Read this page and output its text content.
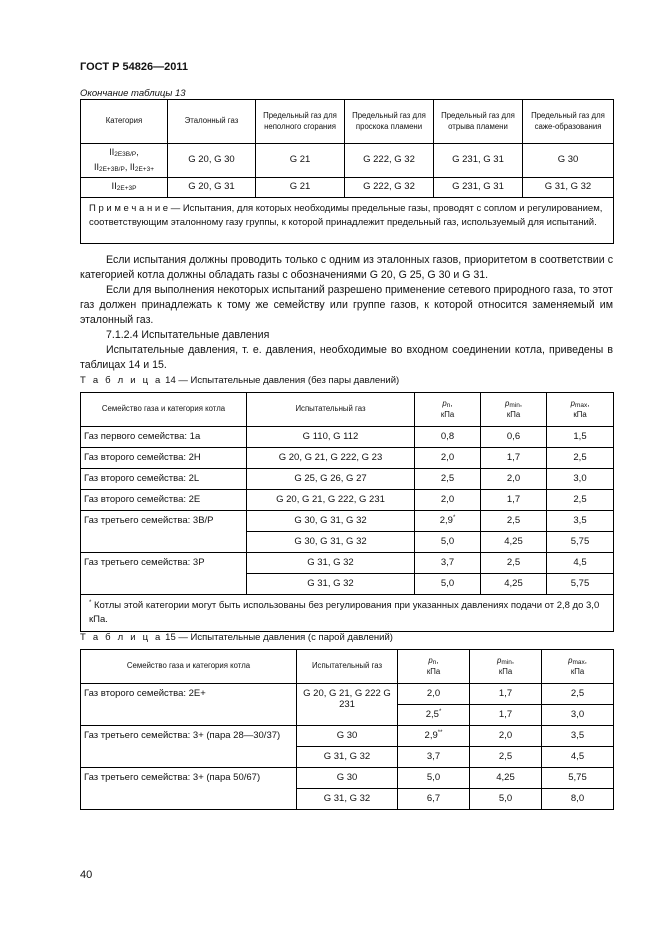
ГОСТ Р 54826—2011
Окончание таблицы 13
Категория	Эталонный газ	Предельный газ для неполного сгорания	Предельный газ для проскока пламени	Предельный газ для отрыва пламени	Предельный газ для саже-образования
$II_{2E3B/P}$,
$II_{2E+3B/P}$, $II_{2E+3+}$	G 20, G 30	G 21	G 222, G 32	G 231, G 31	G 30
$II_{2E+3P}$	G 20, G 31	G 21	G 222, G 32	G 231, G 31	G 31, G 32
П р и м е ч а н и е — Испытания, для которых необходимы предельные газы, проводят с соплом и регулированием, соответствующим эталонному газу группы, к которой принадлежит предельный газ, используемый для испытаний.					

Если испытания должны проводить только с одним из эталонных газов, приоритетом в соответствии с категорией котла должны обладать газы с обозначениями G 20, G 25, G 30 и G 31.

Если для выполнения некоторых испытаний разрешено применение сетевого природного газа, то этот газ должен принадлежать к тому же семейству или группе газов, к которой относится заменяемый им эталонный газ.

7.1.2.4 Испытательные давления

Испытательные давления, т. е. давления, необходимые во входном соединении котла, приведены в таблицах 14 и 15.

Т а б л и ц а 14 — Испытательные давления (без пары давлений)
Семейство газа и категория котла	Испытательный газ	$p_n$,
кПа	$p_{min}$,
кПа	$p_{max}$,
кПа
Газ первого семейства: 1a	G 110, G 112	0,8	0,6	1,5
Газ второго семейства: 2H	G 20, G 21, G 222, G 23	2,0	1,7	2,5
Газ второго семейства: 2L	G 25, G 26, G 27	2,5	2,0	3,0
Газ второго семейства: 2E	G 20, G 21, G 222, G 231	2,0	1,7	2,5
Газ третьего семейства: 3B/P	G 30, G 31, G 32	2,9*	2,5	3,5
	G 30, G 31, G 32	5,0	4,25	5,75
Газ третьего семейства: 3P	G 31, G 32	3,7	2,5	4,5
	G 31, G 32	5,0	4,25	5,75
* Котлы этой категории могут быть использованы без регулирования при указанных давлениях подачи от 2,8 до 3,0 кПа.				
Т а б л и ц а 15 — Испытательные давления (с парой давлений)
Семейство газа и категория котла	Испытательный газ	$p_n$,
кПа	$p_{min}$,
кПа	$p_{max}$,
кПа
Газ второго семейства: 2E+	G 20, G 21, G 222 G 231	2,0	1,7	2,5
		2,5*	1,7	3,0
Газ третьего семейства: 3+ (пара 28—30/37)	G 30	2,9**	2,0	3,5
	G 31, G 32	3,7	2,5	4,5
Газ третьего семейства: 3+ (пара 50/67)	G 30	5,0	4,25	5,75
	G 31, G 32	6,7	5,0	8,0
40
